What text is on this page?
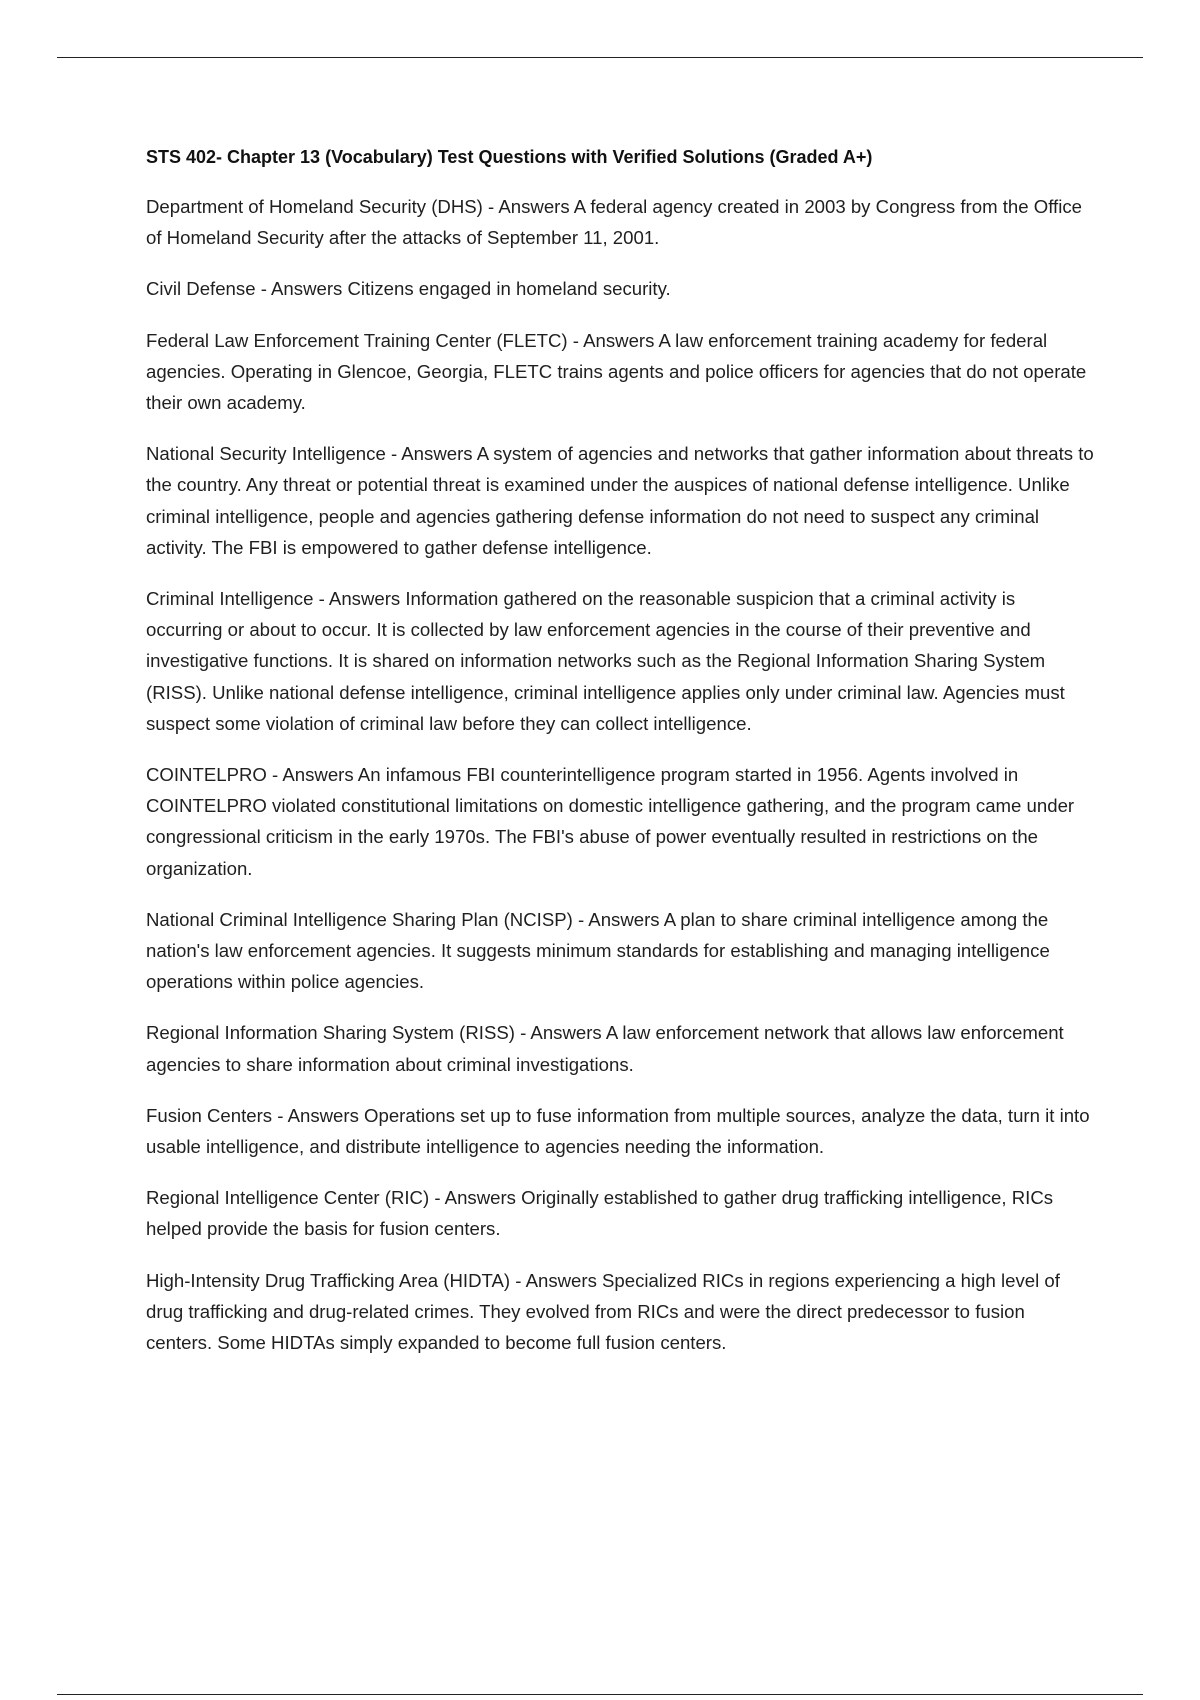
STS 402- Chapter 13 (Vocabulary) Test Questions with Verified Solutions (Graded A+)

Department of Homeland Security (DHS) - Answers A federal agency created in 2003 by Congress from the Office of Homeland Security after the attacks of September 11, 2001.

Civil Defense - Answers Citizens engaged in homeland security.

Federal Law Enforcement Training Center (FLETC) - Answers A law enforcement training academy for federal agencies. Operating in Glencoe, Georgia, FLETC trains agents and police officers for agencies that do not operate their own academy.

National Security Intelligence - Answers A system of agencies and networks that gather information about threats to the country. Any threat or potential threat is examined under the auspices of national defense intelligence. Unlike criminal intelligence, people and agencies gathering defense information do not need to suspect any criminal activity. The FBI is empowered to gather defense intelligence.

Criminal Intelligence - Answers Information gathered on the reasonable suspicion that a criminal activity is occurring or about to occur. It is collected by law enforcement agencies in the course of their preventive and investigative functions. It is shared on information networks such as the Regional Information Sharing System (RISS). Unlike national defense intelligence, criminal intelligence applies only under criminal law. Agencies must suspect some violation of criminal law before they can collect intelligence.

COINTELPRO - Answers An infamous FBI counterintelligence program started in 1956. Agents involved in COINTELPRO violated constitutional limitations on domestic intelligence gathering, and the program came under congressional criticism in the early 1970s. The FBI's abuse of power eventually resulted in restrictions on the organization.

National Criminal Intelligence Sharing Plan (NCISP) - Answers A plan to share criminal intelligence among the nation's law enforcement agencies. It suggests minimum standards for establishing and managing intelligence operations within police agencies.

Regional Information Sharing System (RISS) - Answers A law enforcement network that allows law enforcement agencies to share information about criminal investigations.

Fusion Centers - Answers Operations set up to fuse information from multiple sources, analyze the data, turn it into usable intelligence, and distribute intelligence to agencies needing the information.

Regional Intelligence Center (RIC) - Answers Originally established to gather drug trafficking intelligence, RICs helped provide the basis for fusion centers.

High-Intensity Drug Trafficking Area (HIDTA) - Answers Specialized RICs in regions experiencing a high level of drug trafficking and drug-related crimes. They evolved from RICs and were the direct predecessor to fusion centers. Some HIDTAs simply expanded to become full fusion centers.
